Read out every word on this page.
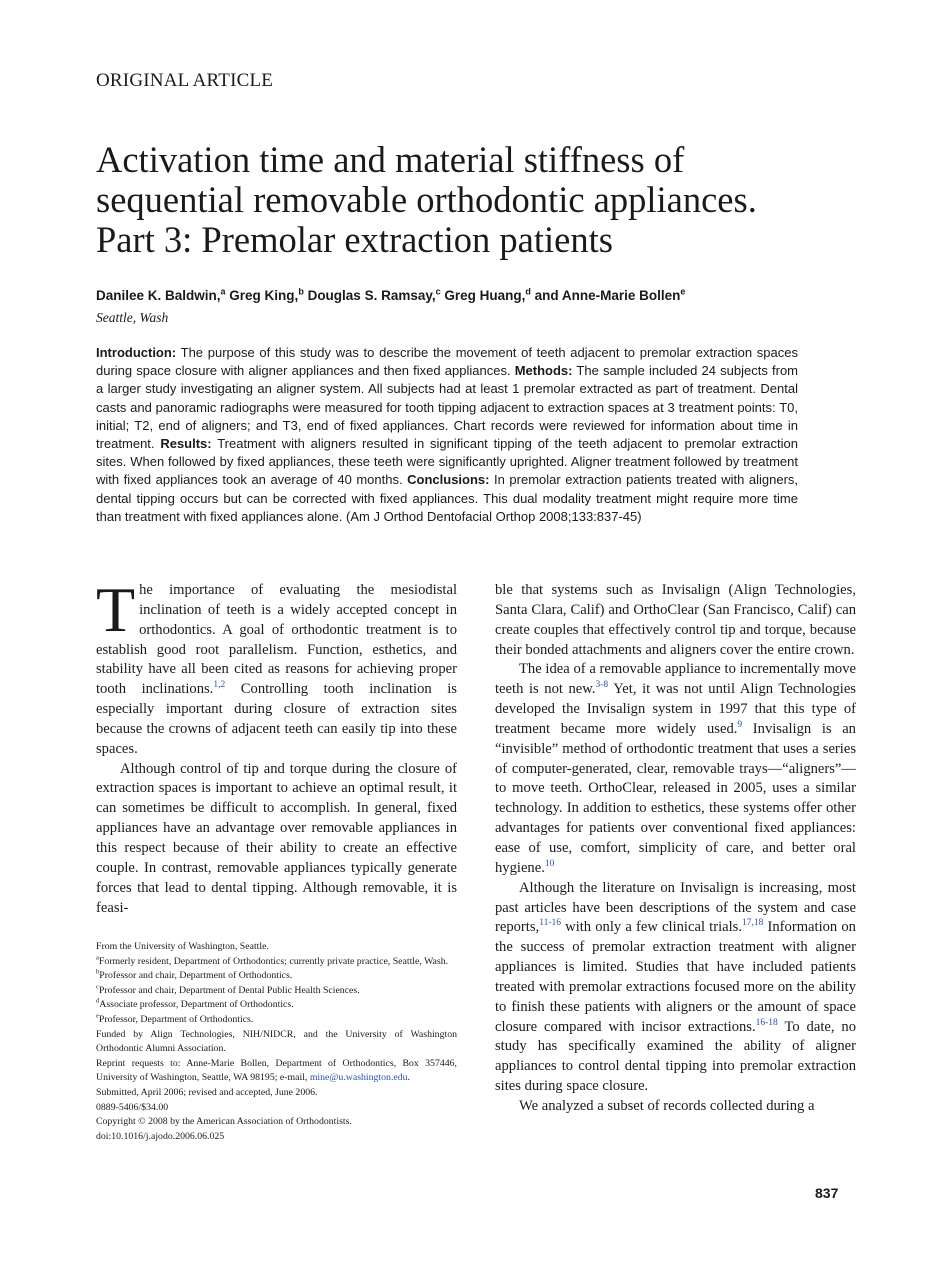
ORIGINAL ARTICLE
Activation time and material stiffness of
sequential removable orthodontic appliances.
Part 3: Premolar extraction patients
Danilee K. Baldwin,$^a$ Greg King,$^b$ Douglas S. Ramsay,$^c$ Greg Huang,$^d$ and Anne-Marie Bollen$^e$
Seattle, Wash

Introduction: The purpose of this study was to describe the movement of teeth adjacent to premolar extraction spaces during space closure with aligner appliances and then fixed appliances. Methods: The sample included 24 subjects from a larger study investigating an aligner system. All subjects had at least 1 premolar extracted as part of treatment. Dental casts and panoramic radiographs were measured for tooth tipping adjacent to extraction spaces at 3 treatment points: T0, initial; T2, end of aligners; and T3, end of fixed appliances. Chart records were reviewed for information about time in treatment. Results: Treatment with aligners resulted in significant tipping of the teeth adjacent to premolar extraction sites. When followed by fixed appliances, these teeth were significantly uprighted. Aligner treatment followed by treatment with fixed appliances took an average of 40 months. Conclusions: In premolar extraction patients treated with aligners, dental tipping occurs but can be corrected with fixed appliances. This dual modality treatment might require more time than treatment with fixed appliances alone. (Am J Orthod Dentofacial Orthop 2008;133:837-45)

The importance of evaluating the mesiodistal inclination of teeth is a widely accepted concept in orthodontics. A goal of orthodontic treatment is to establish good root parallelism. Function, esthetics, and stability have all been cited as reasons for achieving proper tooth inclinations.$^{1,2}$ Controlling tooth inclination is especially important during closure of extraction sites because the crowns of adjacent teeth can easily tip into these spaces.

Although control of tip and torque during the closure of extraction spaces is important to achieve an optimal result, it can sometimes be difficult to accomplish. In general, fixed appliances have an advantage over removable appliances in this respect because of their ability to create an effective couple. In contrast, removable appliances typically generate forces that lead to dental tipping. Although removable, it is feasi-

ble that systems such as Invisalign (Align Technologies, Santa Clara, Calif) and OrthoClear (San Francisco, Calif) can create couples that effectively control tip and torque, because their bonded attachments and aligners cover the entire crown.

The idea of a removable appliance to incrementally move teeth is not new.$^{3-8}$ Yet, it was not until Align Technologies developed the Invisalign system in 1997 that this type of treatment became more widely used.$^9$ Invisalign is an “invisible” method of orthodontic treatment that uses a series of computer-generated, clear, removable trays—“aligners”—to move teeth. OrthoClear, released in 2005, uses a similar technology. In addition to esthetics, these systems offer other advantages for patients over conventional fixed appliances: ease of use, comfort, simplicity of care, and better oral hygiene.$^{10}$

Although the literature on Invisalign is increasing, most past articles have been descriptions of the system and case reports,$^{11-16}$ with only a few clinical trials.$^{17,18}$ Information on the success of premolar extraction treatment with aligner appliances is limited. Studies that have included patients treated with premolar extractions focused more on the ability to finish these patients with aligners or the amount of space closure compared with incisor extractions.$^{16-18}$ To date, no study has specifically examined the ability of aligner appliances to control dental tipping into premolar extraction sites during space closure.

We analyzed a subset of records collected during a

From the University of Washington, Seattle.
$^a$Formerly resident, Department of Orthodontics; currently private practice, Seattle, Wash.
$^b$Professor and chair, Department of Orthodontics.
$^c$Professor and chair, Department of Dental Public Health Sciences.
$^d$Associate professor, Department of Orthodontics.
$^e$Professor, Department of Orthodontics.
Funded by Align Technologies, NIH/NIDCR, and the University of Washington Orthodontic Alumni Association.
Reprint requests to: Anne-Marie Bollen, Department of Orthodontics, Box 357446, University of Washington, Seattle, WA 98195; e-mail, mine@u.washington.edu.
Submitted, April 2006; revised and accepted, June 2006.
0889-5406/$34.00
Copyright © 2008 by the American Association of Orthodontists.
doi:10.1016/j.ajodo.2006.06.025
837
